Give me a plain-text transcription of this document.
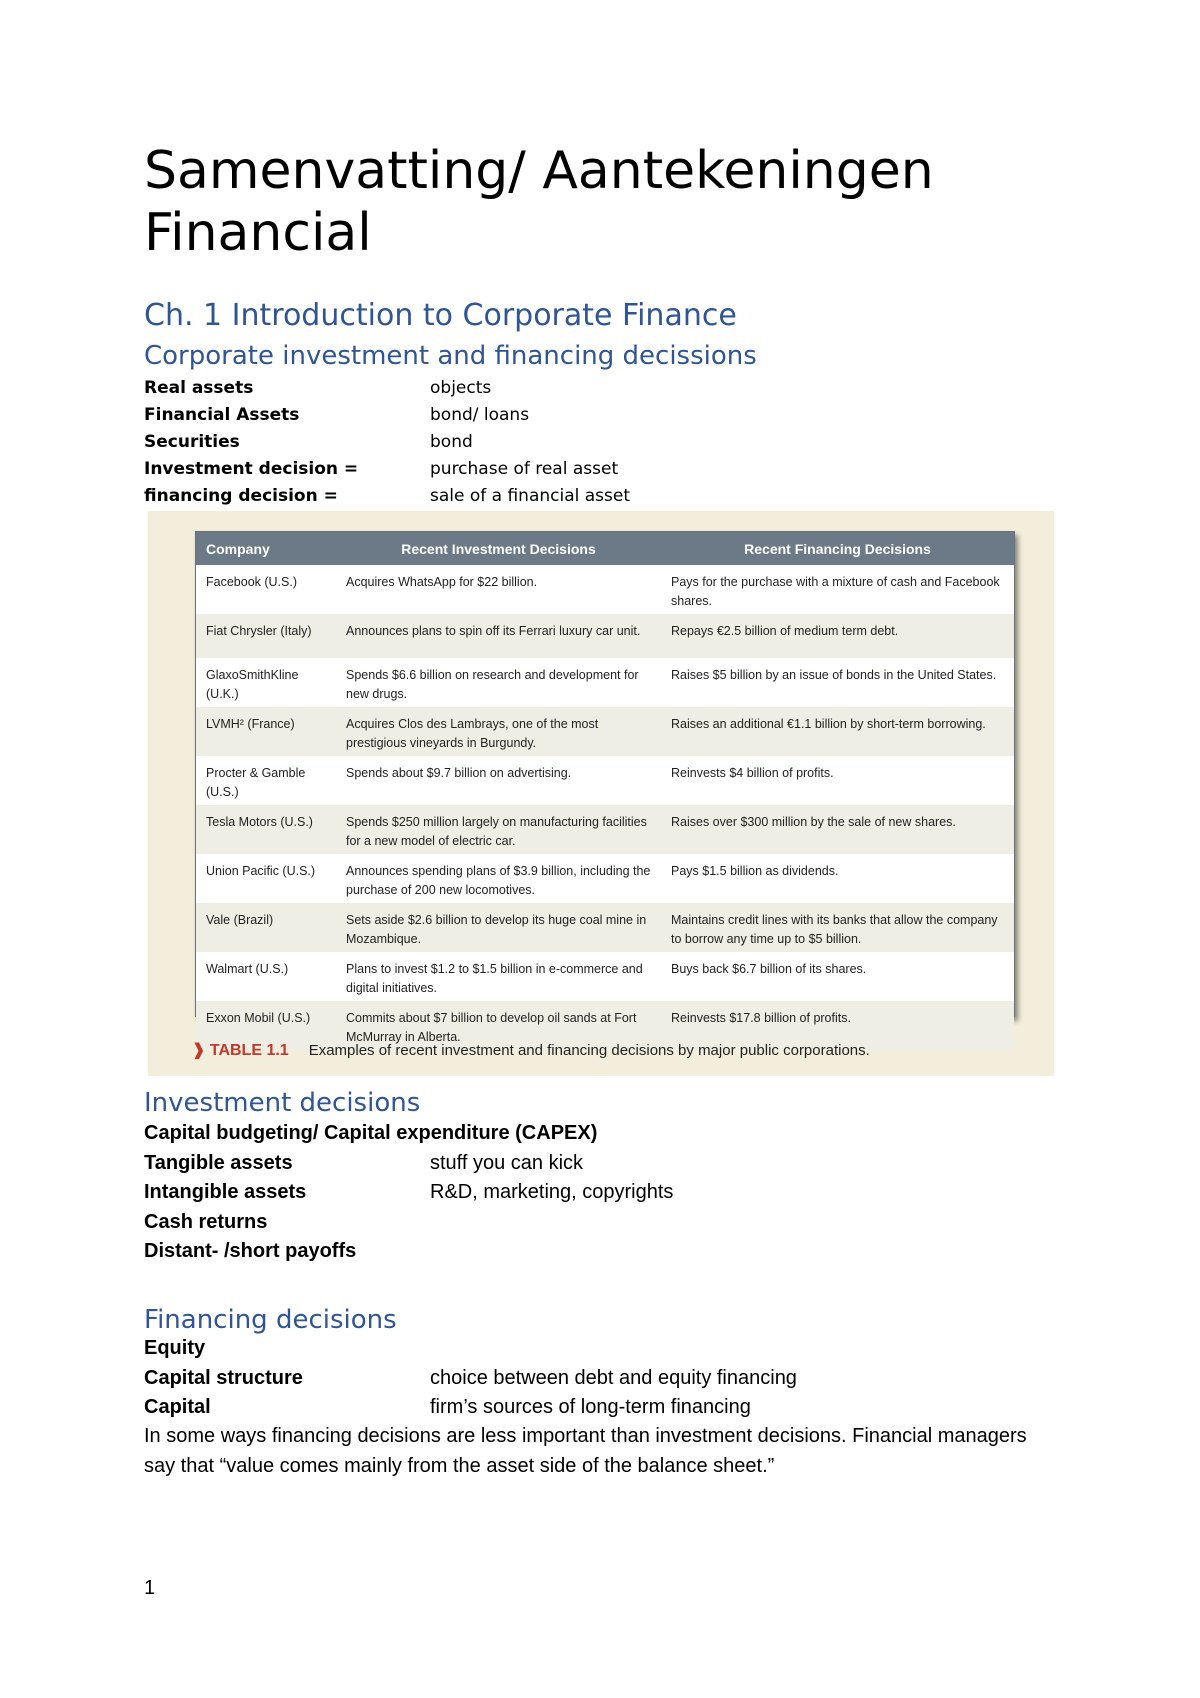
Samenvatting/ Aantekeningen Financial
Ch. 1 Introduction to Corporate Finance
Corporate investment and financing decissions
Real assets	objects
Financial Assets	bond/ loans
Securities	bond
Investment decision =	purchase of real asset
financing decision =	sale of a financial asset
Company	Recent Investment Decisions	Recent Financing Decisions
Facebook (U.S.)	Acquires WhatsApp for $22 billion.	Pays for the purchase with a mixture of cash and Facebook shares.
Fiat Chrysler (Italy)	Announces plans to spin off its Ferrari luxury car unit.	Repays €2.5 billion of medium term debt.
GlaxoSmithKline (U.K.)	Spends $6.6 billion on research and development for new drugs.	Raises $5 billion by an issue of bonds in the United States.
LVMH² (France)	Acquires Clos des Lambrays, one of the most prestigious vineyards in Burgundy.	Raises an additional €1.1 billion by short-term borrowing.
Procter & Gamble (U.S.)	Spends about $9.7 billion on advertising.	Reinvests $4 billion of profits.
Tesla Motors (U.S.)	Spends $250 million largely on manufacturing facilities for a new model of electric car.	Raises over $300 million by the sale of new shares.
Union Pacific (U.S.)	Announces spending plans of $3.9 billion, including the purchase of 200 new locomotives.	Pays $1.5 billion as dividends.
Vale (Brazil)	Sets aside $2.6 billion to develop its huge coal mine in Mozambique.	Maintains credit lines with its banks that allow the company to borrow any time up to $5 billion.
Walmart (U.S.)	Plans to invest $1.2 to $1.5 billion in e-commerce and digital initiatives.	Buys back $6.7 billion of its shares.
Exxon Mobil (U.S.)	Commits about $7 billion to develop oil sands at Fort McMurray in Alberta.	Reinvests $17.8 billion of profits.
❱ TABLE 1.1 Examples of recent investment and financing decisions by major public corporations.
Investment decisions
Capital budgeting/ Capital expenditure (CAPEX)
Tangible assets	stuff you can kick
Intangible assets	R&D, marketing, copyrights
Cash returns
Distant- /short payoffs
Financing decisions
Equity
Capital structure	choice between debt and equity financing
Capital	firm’s sources of long-term financing

In some ways financing decisions are less important than investment decisions. Financial managers say that “value comes mainly from the asset side of the balance sheet.”

1
